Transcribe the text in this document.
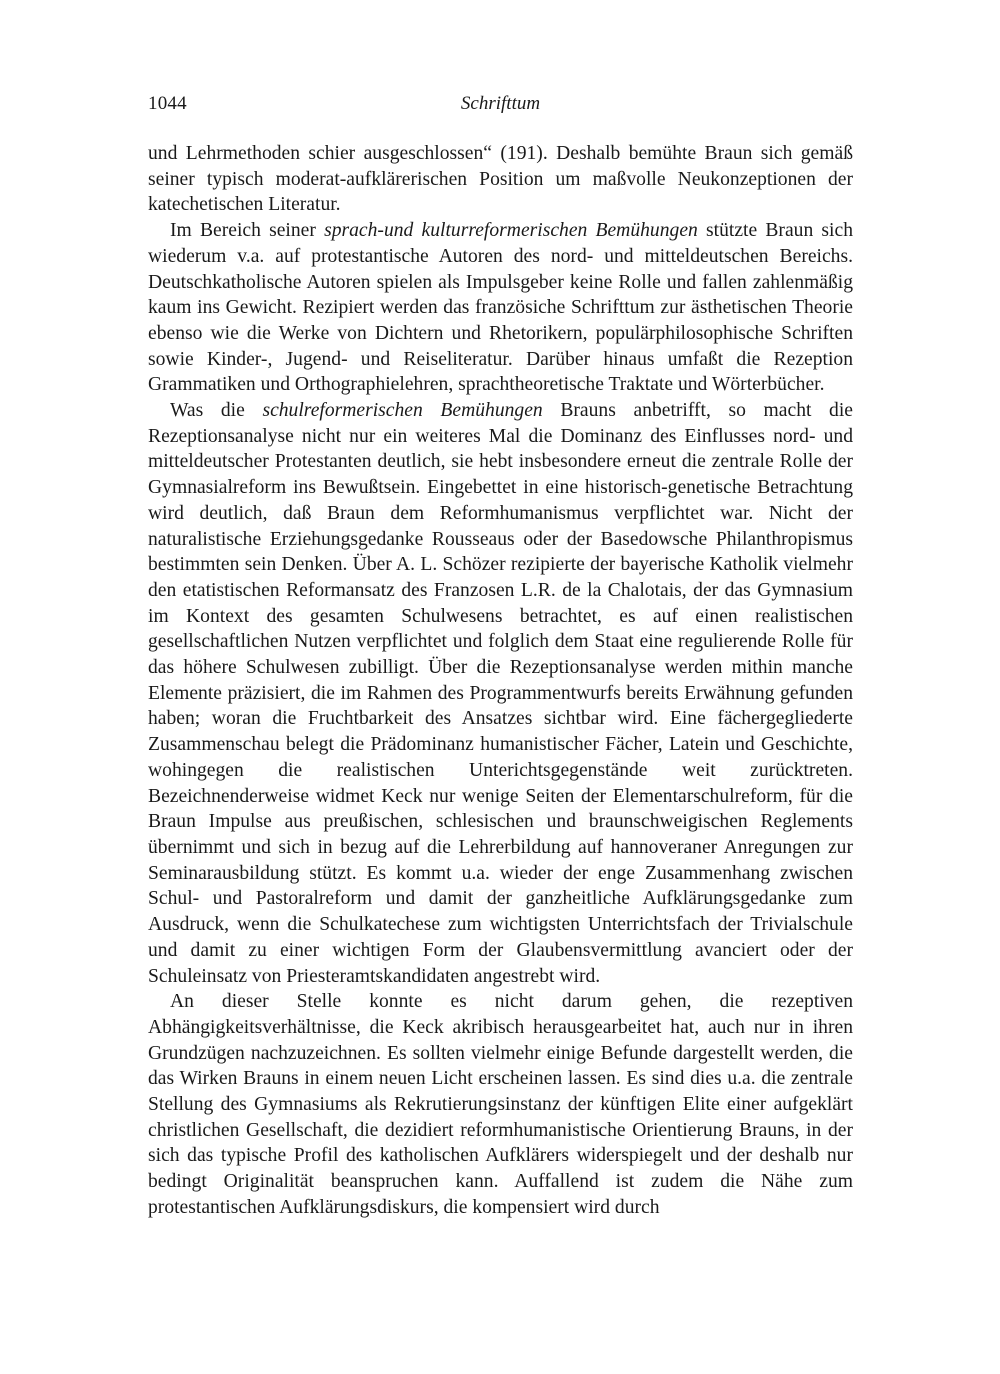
1044	Schrifttum

und Lehrmethoden schier ausgeschlossen“ (191). Deshalb bemühte Braun sich gemäß seiner typisch moderat-aufklärerischen Position um maßvolle Neukonzeptionen der katechetischen Literatur.

Im Bereich seiner sprach-und kulturreformerischen Bemühungen stützte Braun sich wiederum v.a. auf protestantische Autoren des nord- und mitteldeutschen Bereichs. Deutschkatholische Autoren spielen als Impulsgeber keine Rolle und fallen zahlenmäßig kaum ins Gewicht. Rezipiert werden das französiche Schrifttum zur ästhetischen Theorie ebenso wie die Werke von Dichtern und Rhetorikern, populärphilosophische Schriften sowie Kinder-, Jugend- und Reiseliteratur. Darüber hinaus umfaßt die Rezeption Grammatiken und Orthographielehren, sprachtheoretische Traktate und Wörterbücher.

Was die schulreformerischen Bemühungen Brauns anbetrifft, so macht die Rezeptionsanalyse nicht nur ein weiteres Mal die Dominanz des Einflusses nord- und mitteldeutscher Protestanten deutlich, sie hebt insbesondere erneut die zentrale Rolle der Gymnasialreform ins Bewußtsein. Eingebettet in eine historisch-genetische Betrachtung wird deutlich, daß Braun dem Reformhumanismus verpflichtet war. Nicht der naturalistische Erziehungsgedanke Rousseaus oder der Basedowsche Philanthropismus bestimmten sein Denken. Über A. L. Schözer rezipierte der bayerische Katholik vielmehr den etatistischen Reformansatz des Franzosen L.R. de la Chalotais, der das Gymnasium im Kontext des gesamten Schulwesens betrachtet, es auf einen realistischen gesellschaftlichen Nutzen verpflichtet und folglich dem Staat eine regulierende Rolle für das höhere Schulwesen zubilligt. Über die Rezeptionsanalyse werden mithin manche Elemente präzisiert, die im Rahmen des Programmentwurfs bereits Erwähnung gefunden haben; woran die Fruchtbarkeit des Ansatzes sichtbar wird. Eine fächergegliederte Zusammenschau belegt die Prädominanz humanistischer Fächer, Latein und Geschichte, wohingegen die realistischen Unterichtsgegenstände weit zurücktreten. Bezeichnenderweise widmet Keck nur wenige Seiten der Elementarschulreform, für die Braun Impulse aus preußischen, schlesischen und braunschweigischen Reglements übernimmt und sich in bezug auf die Lehrerbildung auf hannoveraner Anregungen zur Seminarausbildung stützt. Es kommt u.a. wieder der enge Zusammenhang zwischen Schul- und Pastoralreform und damit der ganzheitliche Aufklärungsgedanke zum Ausdruck, wenn die Schulkatechese zum wichtigsten Unterrichtsfach der Trivialschule und damit zu einer wichtigen Form der Glaubensvermittlung avanciert oder der Schuleinsatz von Priesteramtskandidaten angestrebt wird.

An dieser Stelle konnte es nicht darum gehen, die rezeptiven Abhängigkeitsverhältnisse, die Keck akribisch herausgearbeitet hat, auch nur in ihren Grundzügen nachzuzeichnen. Es sollten vielmehr einige Befunde dargestellt werden, die das Wirken Brauns in einem neuen Licht erscheinen lassen. Es sind dies u.a. die zentrale Stellung des Gymnasiums als Rekrutierungsinstanz der künftigen Elite einer aufgeklärt christlichen Gesellschaft, die dezidiert reformhumanistische Orientierung Brauns, in der sich das typische Profil des katholischen Aufklärers widerspiegelt und der deshalb nur bedingt Originalität beanspruchen kann. Auffallend ist zudem die Nähe zum protestantischen Aufklärungsdiskurs, die kompensiert wird durch
